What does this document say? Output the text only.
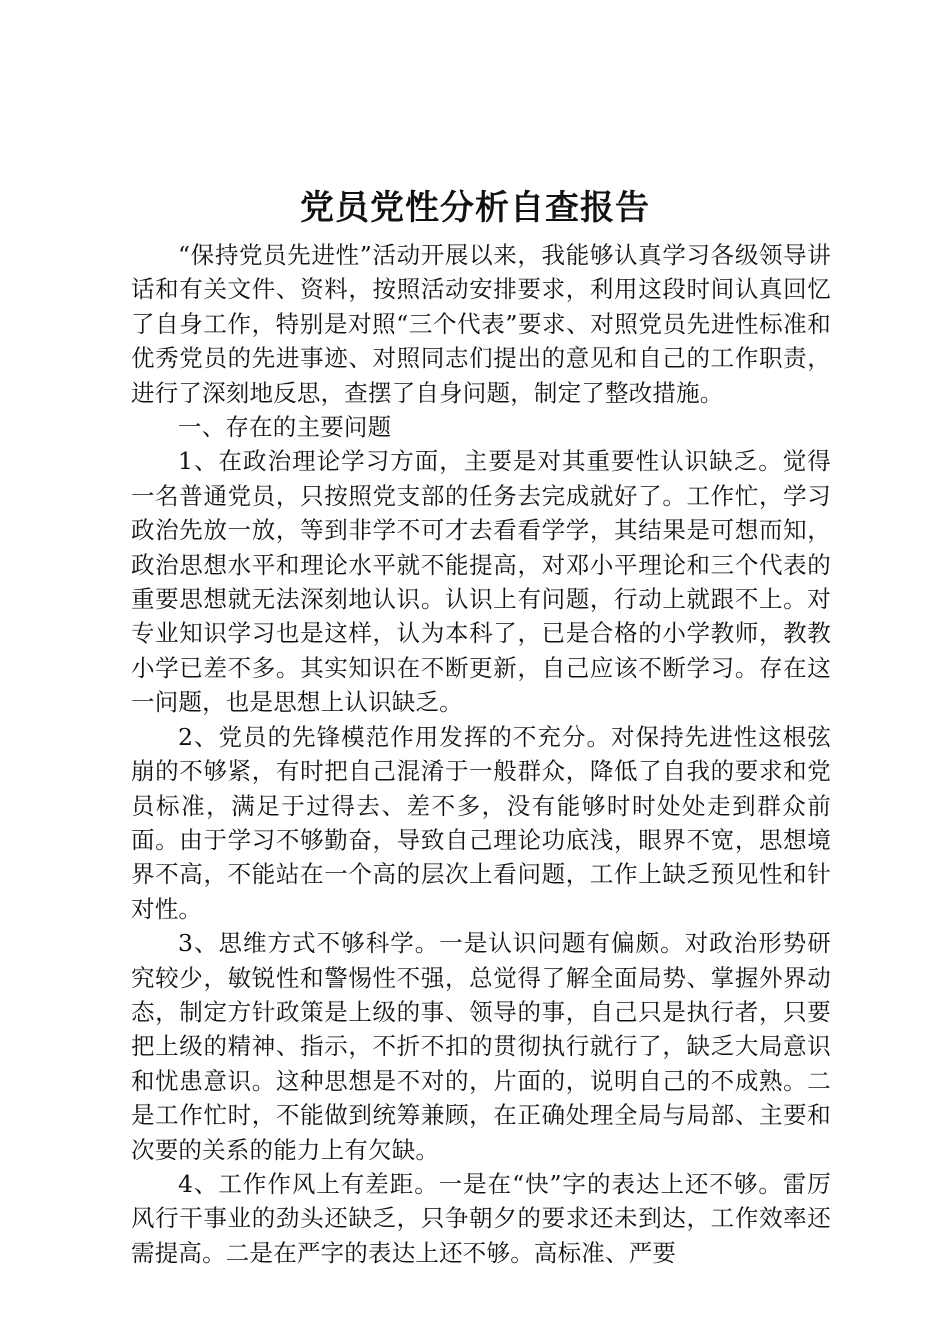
党员党性分析自查报告

“保持党员先进性”活动开展以来，我能够认真学习各级领导讲话和有关文件、资料，按照活动安排要求，利用这段时间认真回忆了自身工作，特别是对照“三个代表”要求、对照党员先进性标准和优秀党员的先进事迹、对照同志们提出的意见和自己的工作职责，进行了深刻地反思，查摆了自身问题，制定了整改措施。

一、存在的主要问题

1、在政治理论学习方面，主要是对其重要性认识缺乏。觉得一名普通党员，只按照党支部的任务去完成就好了。工作忙，学习政治先放一放，等到非学不可才去看看学学，其结果是可想而知，政治思想水平和理论水平就不能提高，对邓小平理论和三个代表的重要思想就无法深刻地认识。认识上有问题，行动上就跟不上。对专业知识学习也是这样，认为本科了，已是合格的小学教师，教教小学已差不多。其实知识在不断更新，自己应该不断学习。存在这一问题，也是思想上认识缺乏。

2、党员的先锋模范作用发挥的不充分。对保持先进性这根弦崩的不够紧，有时把自己混淆于一般群众，降低了自我的要求和党员标准，满足于过得去、差不多，没有能够时时处处走到群众前面。由于学习不够勤奋，导致自己理论功底浅，眼界不宽，思想境界不高，不能站在一个高的层次上看问题，工作上缺乏预见性和针对性。

3、思维方式不够科学。一是认识问题有偏颇。对政治形势研究较少，敏锐性和警惕性不强，总觉得了解全面局势、掌握外界动态，制定方针政策是上级的事、领导的事，自己只是执行者，只要把上级的精神、指示，不折不扣的贯彻执行就行了，缺乏大局意识和忧患意识。这种思想是不对的，片面的，说明自己的不成熟。二是工作忙时，不能做到统筹兼顾，在正确处理全局与局部、主要和次要的关系的能力上有欠缺。

4、工作作风上有差距。一是在“快”字的表达上还不够。雷厉风行干事业的劲头还缺乏，只争朝夕的要求还未到达，工作效率还需提高。二是在严字的表达上还不够。高标准、严要
